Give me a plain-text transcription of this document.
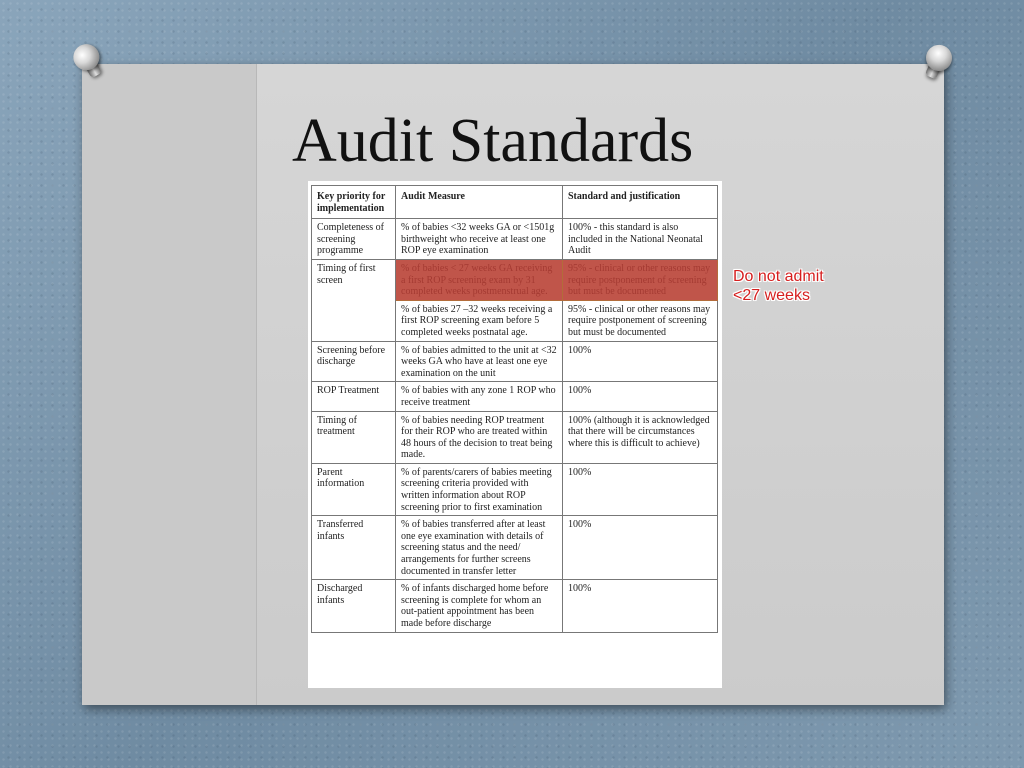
Audit Standards
Key priority for implementation	Audit Measure	Standard and justification
Completeness of screening programme	% of babies <32 weeks GA or <1501g birthweight who receive at least one ROP eye examination	100% - this standard is also included in the National Neonatal Audit
Timing of first screen	% of babies < 27 weeks GA receiving a first ROP screening exam by 31 completed weeks postmenstrual age.	95% - clinical or other reasons may require postponement of screening but must be documented
	% of babies 27 –32 weeks receiving a first ROP screening exam before 5 completed weeks postnatal age.	95% - clinical or other reasons may require postponement of screening but must be documented
Screening before discharge	% of babies admitted to the unit at <32 weeks GA who have at least one eye examination on the unit	100%
ROP Treatment	% of babies with any zone 1 ROP who receive treatment	100%
Timing of treatment	% of babies needing ROP treatment for their ROP who are treated within 48 hours of the decision to treat being made.	100% (although it is acknowledged that there will be circumstances where this is difficult to achieve)
Parent information	% of parents/carers of babies meeting screening criteria provided with written information about ROP screening prior to first examination	100%
Transferred infants	% of babies transferred after at least one eye examination with details of screening status and the need/ arrangements for further screens documented in transfer letter	100%
Discharged infants	% of infants discharged home before screening is complete for whom an out-patient appointment has been made before discharge	100%
Do not admit
<27 weeks
